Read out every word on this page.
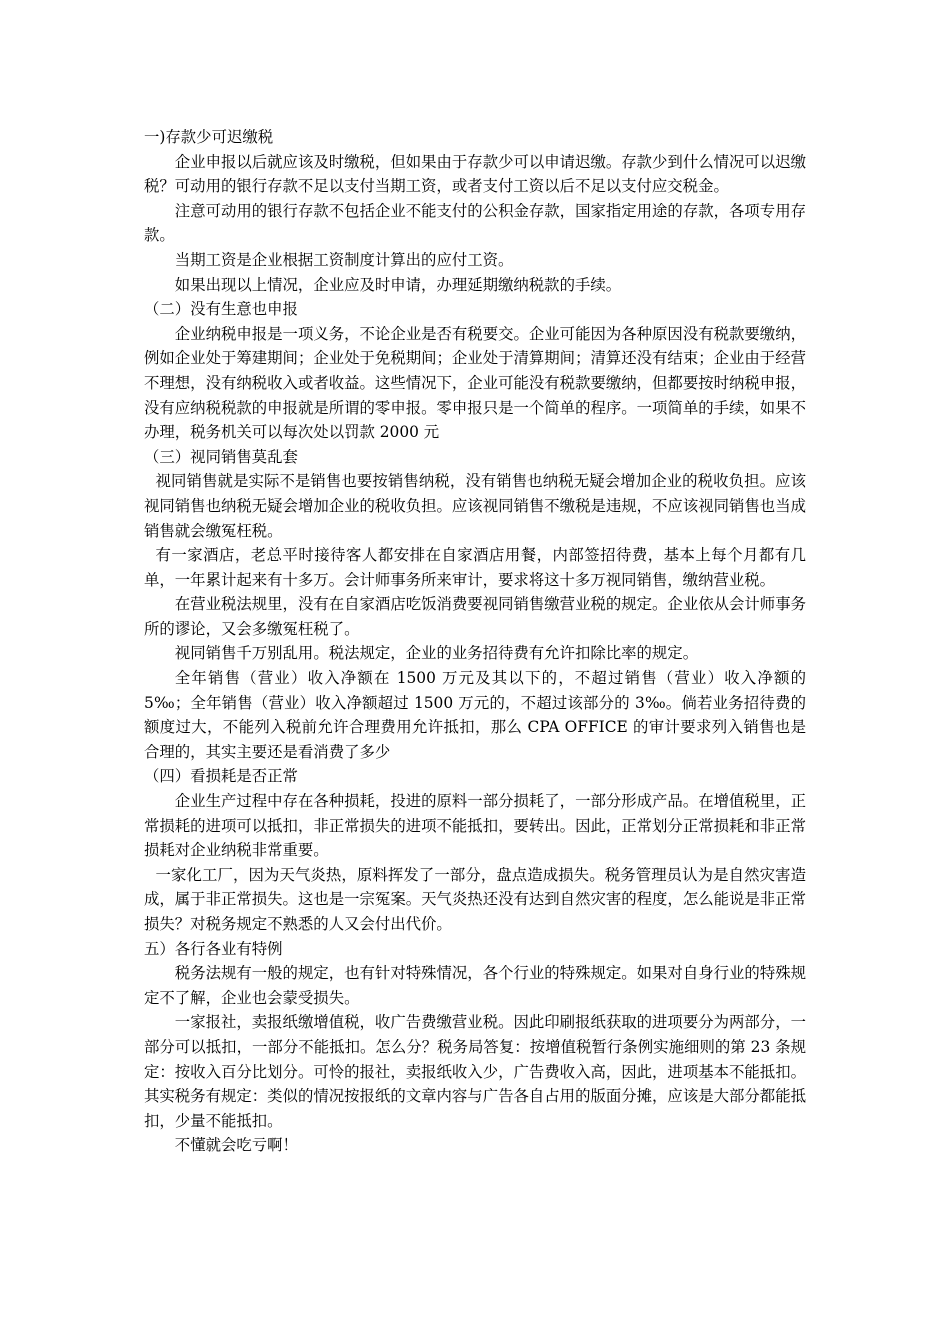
一)存款少可迟缴税

企业申报以后就应该及时缴税，但如果由于存款少可以申请迟缴。存款少到什么情况可以迟缴税？可动用的银行存款不足以支付当期工资，或者支付工资以后不足以支付应交税金。

注意可动用的银行存款不包括企业不能支付的公积金存款，国家指定用途的存款，各项专用存款。

当期工资是企业根据工资制度计算出的应付工资。

如果出现以上情况，企业应及时申请，办理延期缴纳税款的手续。

（二）没有生意也申报

企业纳税申报是一项义务，不论企业是否有税要交。企业可能因为各种原因没有税款要缴纳，例如企业处于筹建期间；企业处于免税期间；企业处于清算期间；清算还没有结束；企业由于经营不理想，没有纳税收入或者收益。这些情况下，企业可能没有税款要缴纳，但都要按时纳税申报，没有应纳税税款的申报就是所谓的零申报。零申报只是一个简单的程序。一项简单的手续，如果不办理，税务机关可以每次处以罚款 2000 元

（三）视同销售莫乱套

视同销售就是实际不是销售也要按销售纳税，没有销售也纳税无疑会增加企业的税收负担。应该视同销售也纳税无疑会增加企业的税收负担。应该视同销售不缴税是违规，不应该视同销售也当成销售就会缴冤枉税。

有一家酒店，老总平时接待客人都安排在自家酒店用餐，内部签招待费，基本上每个月都有几单，一年累计起来有十多万。会计师事务所来审计，要求将这十多万视同销售，缴纳营业税。

在营业税法规里，没有在自家酒店吃饭消费要视同销售缴营业税的规定。企业依从会计师事务所的谬论，又会多缴冤枉税了。

视同销售千万别乱用。税法规定，企业的业务招待费有允许扣除比率的规定。

全年销售（营业）收入净额在 1500 万元及其以下的，不超过销售（营业）收入净额的 5‰；全年销售（营业）收入净额超过 1500 万元的，不超过该部分的 3‰。倘若业务招待费的额度过大，不能列入税前允许合理费用允许抵扣，那么 CPA OFFICE 的审计要求列入销售也是合理的，其实主要还是看消费了多少

（四）看损耗是否正常

企业生产过程中存在各种损耗，投进的原料一部分损耗了，一部分形成产品。在增值税里，正常损耗的进项可以抵扣，非正常损失的进项不能抵扣，要转出。因此，正常划分正常损耗和非正常损耗对企业纳税非常重要。

一家化工厂，因为天气炎热，原料挥发了一部分，盘点造成损失。税务管理员认为是自然灾害造成，属于非正常损失。这也是一宗冤案。天气炎热还没有达到自然灾害的程度，怎么能说是非正常损失？对税务规定不熟悉的人又会付出代价。

五）各行各业有特例

税务法规有一般的规定，也有针对特殊情况，各个行业的特殊规定。如果对自身行业的特殊规定不了解，企业也会蒙受损失。

一家报社，卖报纸缴增值税，收广告费缴营业税。因此印刷报纸获取的进项要分为两部分，一部分可以抵扣，一部分不能抵扣。怎么分？税务局答复：按增值税暂行条例实施细则的第 23 条规定：按收入百分比划分。可怜的报社，卖报纸收入少，广告费收入高，因此，进项基本不能抵扣。其实税务有规定：类似的情况按报纸的文章内容与广告各自占用的版面分摊，应该是大部分都能抵扣，少量不能抵扣。

不懂就会吃亏啊！
